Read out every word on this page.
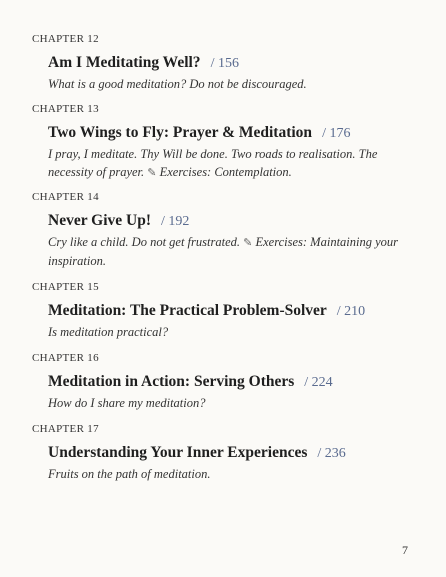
CHAPTER 12
Am I Meditating Well? / 156
What is a good meditation? Do not be discouraged.
CHAPTER 13
Two Wings to Fly: Prayer & Meditation / 176
I pray, I meditate. Thy Will be done. Two roads to realisation. The necessity of prayer. ✎ Exercises: Contemplation.
CHAPTER 14
Never Give Up! / 192
Cry like a child. Do not get frustrated. ✎ Exercises: Maintaining your inspiration.
CHAPTER 15
Meditation: The Practical Problem-Solver / 210
Is meditation practical?
CHAPTER 16
Meditation in Action: Serving Others / 224
How do I share my meditation?
CHAPTER 17
Understanding Your Inner Experiences / 236
Fruits on the path of meditation.
7
